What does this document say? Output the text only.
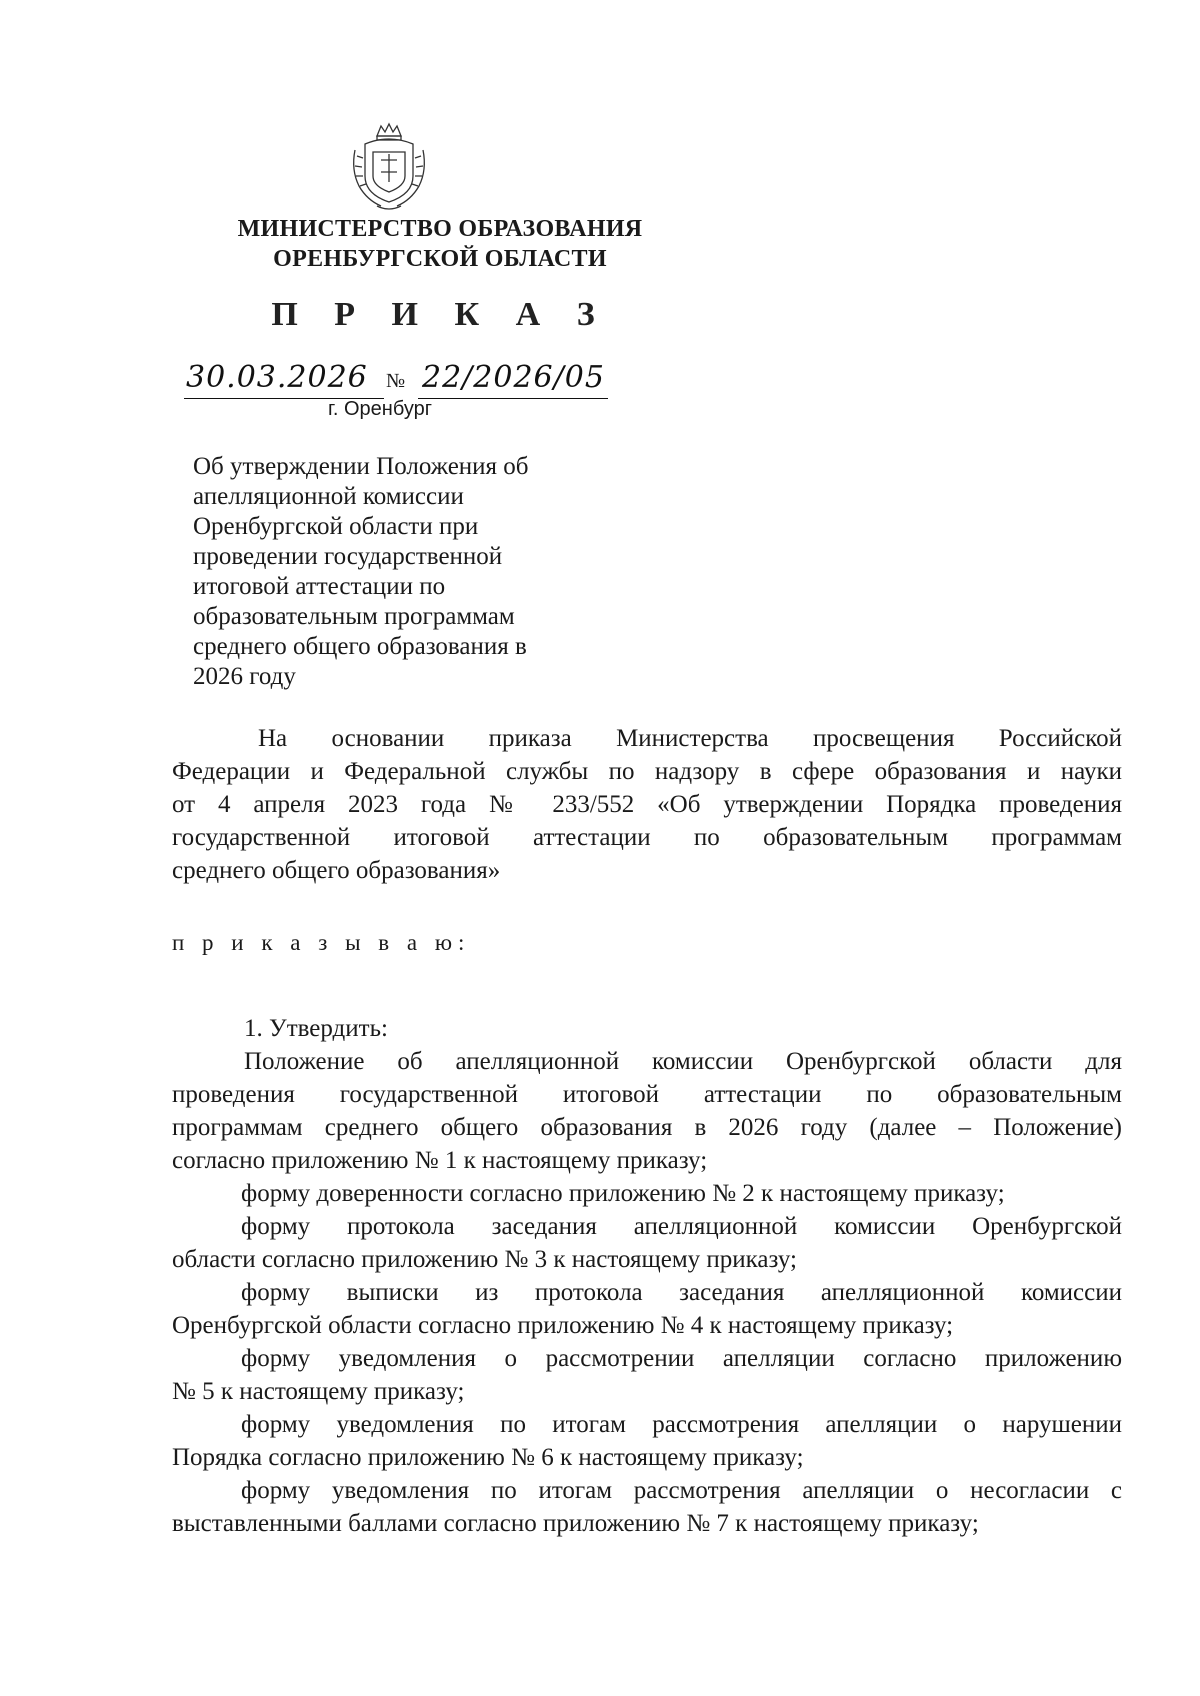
МИНИСТЕРСТВО ОБРАЗОВАНИЯ
ОРЕНБУРГСКОЙ ОБЛАСТИ
П Р И К А З
30.03.2026 № 22/2026/05
г. Оренбург
Об утверждении Положения об
апелляционной комиссии
Оренбургской области при
проведении государственной
итоговой аттестации по
образовательным программам
среднего общего образования в
2026 году
На основании приказа Министерства просвещения Российской
Федерации и Федеральной службы по надзору в сфере образования и науки
от 4 апреля 2023 года № 233/552 «Об утверждении Порядка проведения
государственной итоговой аттестации по образовательным программам
среднего общего образования»
п р и к а з ы в а ю:
1. Утвердить:
Положение об апелляционной комиссии Оренбургской области для
проведения государственной итоговой аттестации по образовательным
программам среднего общего образования в 2026 году (далее – Положение)
согласно приложению № 1 к настоящему приказу;
форму доверенности согласно приложению № 2 к настоящему приказу;
форму протокола заседания апелляционной комиссии Оренбургской
области согласно приложению № 3 к настоящему приказу;
форму выписки из протокола заседания апелляционной комиссии
Оренбургской области согласно приложению № 4 к настоящему приказу;
форму уведомления о рассмотрении апелляции согласно приложению
№ 5 к настоящему приказу;
форму уведомления по итогам рассмотрения апелляции о нарушении
Порядка согласно приложению № 6 к настоящему приказу;
форму уведомления по итогам рассмотрения апелляции о несогласии с
выставленными баллами согласно приложению № 7 к настоящему приказу;
